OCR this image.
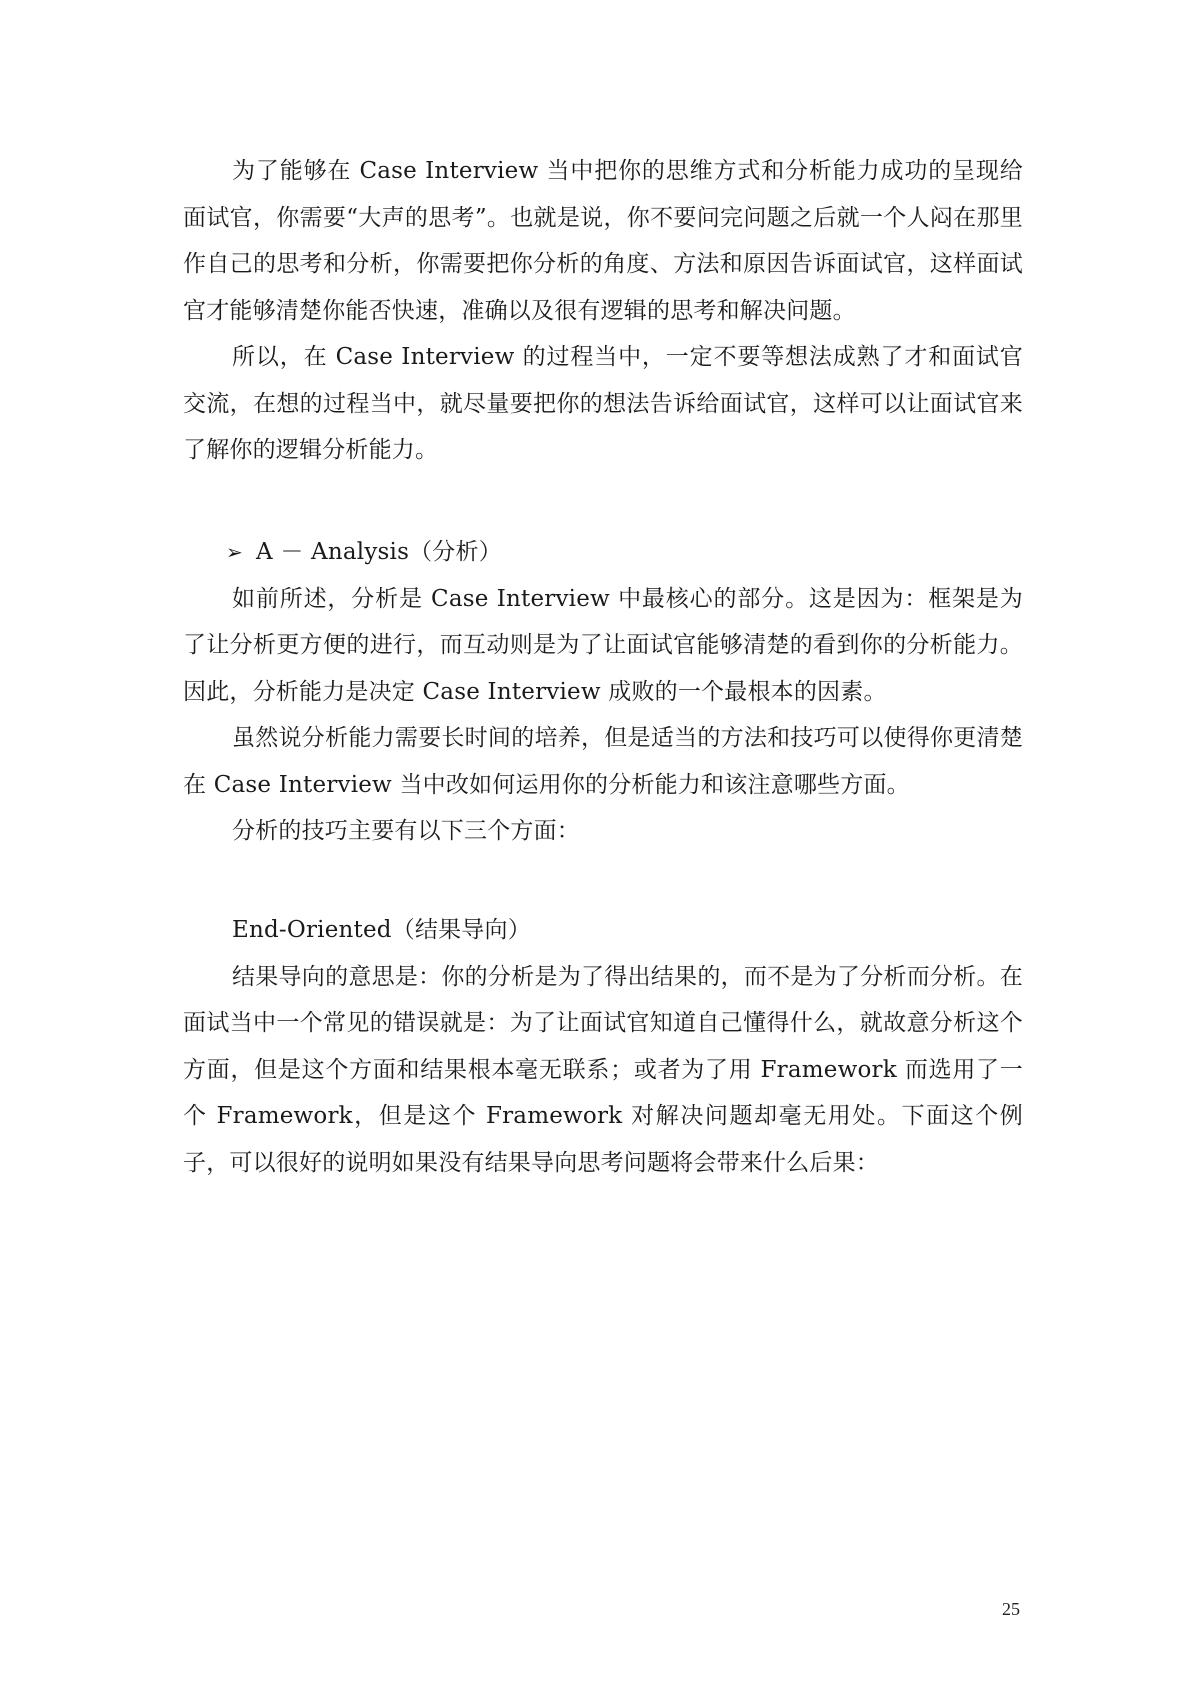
为了能够在 Case Interview 当中把你的思维方式和分析能力成功的呈现给面试官，你需要“大声的思考”。也就是说，你不要问完问题之后就一个人闷在那里作自己的思考和分析，你需要把你分析的角度、方法和原因告诉面试官，这样面试官才能够清楚你能否快速，准确以及很有逻辑的思考和解决问题。

所以，在 Case Interview 的过程当中，一定不要等想法成熟了才和面试官交流，在想的过程当中，就尽量要把你的想法告诉给面试官，这样可以让面试官来了解你的逻辑分析能力。

➢ A － Analysis（分析）

如前所述，分析是 Case Interview 中最核心的部分。这是因为：框架是为了让分析更方便的进行，而互动则是为了让面试官能够清楚的看到你的分析能力。因此，分析能力是决定 Case Interview 成败的一个最根本的因素。

虽然说分析能力需要长时间的培养，但是适当的方法和技巧可以使得你更清楚在 Case Interview 当中改如何运用你的分析能力和该注意哪些方面。

分析的技巧主要有以下三个方面：

End-Oriented（结果导向）

结果导向的意思是：你的分析是为了得出结果的，而不是为了分析而分析。在面试当中一个常见的错误就是：为了让面试官知道自己懂得什么，就故意分析这个方面，但是这个方面和结果根本毫无联系；或者为了用 Framework 而选用了一个 Framework，但是这个 Framework 对解决问题却毫无用处。下面这个例子，可以很好的说明如果没有结果导向思考问题将会带来什么后果：

25
